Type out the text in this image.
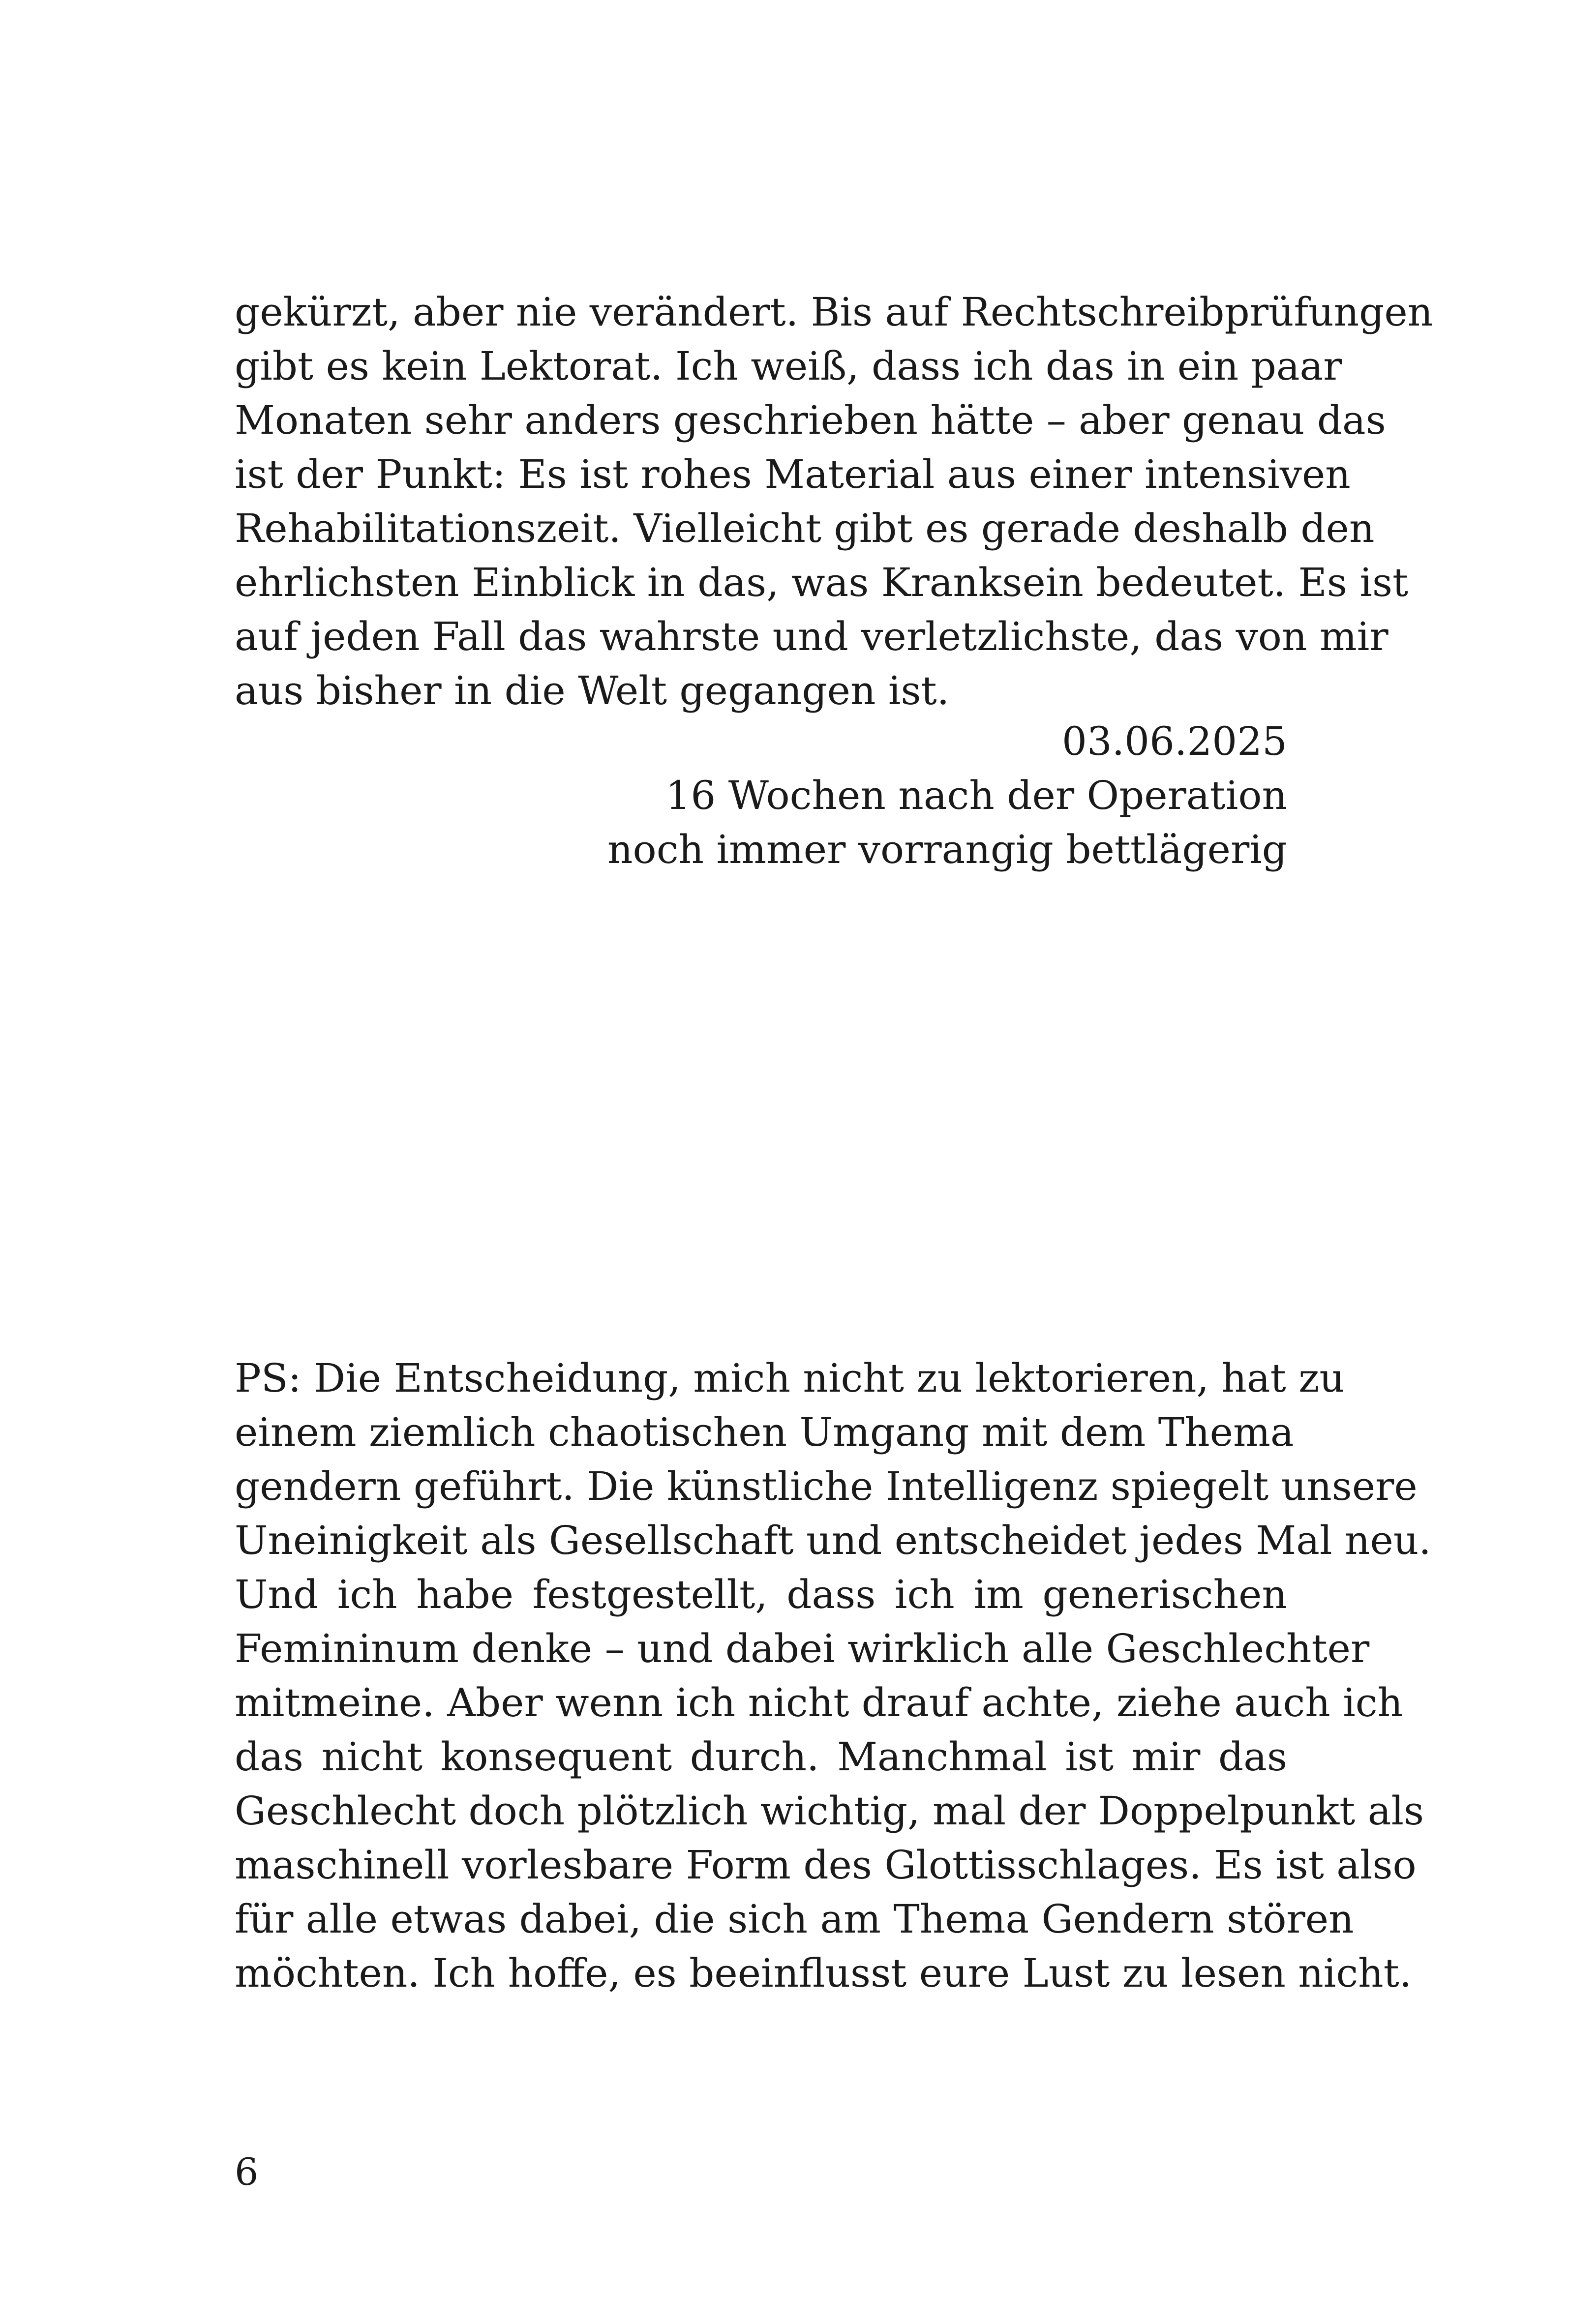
gekürzt, aber nie verändert. Bis auf Rechtschreibprüfungen
gibt es kein Lektorat. Ich weiß, dass ich das in ein paar
Monaten sehr anders geschrieben hätte – aber genau das
ist der Punkt: Es ist rohes Material aus einer intensiven
Rehabilitationszeit. Vielleicht gibt es gerade deshalb den
ehrlichsten Einblick in das, was Kranksein bedeutet. Es ist
auf jeden Fall das wahrste und verletzlichste, das von mir
aus bisher in die Welt gegangen ist.
03.06.2025
16 Wochen nach der Operation
noch immer vorrangig bettlägerig
PS: Die Entscheidung, mich nicht zu lektorieren, hat zu
einem ziemlich chaotischen Umgang mit dem Thema
gendern geführt. Die künstliche Intelligenz spiegelt unsere
Uneinigkeit als Gesellschaft und entscheidet jedes Mal neu.
Und ich habe festgestellt, dass ich im generischen
Femininum denke – und dabei wirklich alle Geschlechter
mitmeine. Aber wenn ich nicht drauf achte, ziehe auch ich
das nicht konsequent durch. Manchmal ist mir das
Geschlecht doch plötzlich wichtig, mal der Doppelpunkt als
maschinell vorlesbare Form des Glottisschlages. Es ist also
für alle etwas dabei, die sich am Thema Gendern stören
möchten. Ich hoffe, es beeinflusst eure Lust zu lesen nicht.
6
